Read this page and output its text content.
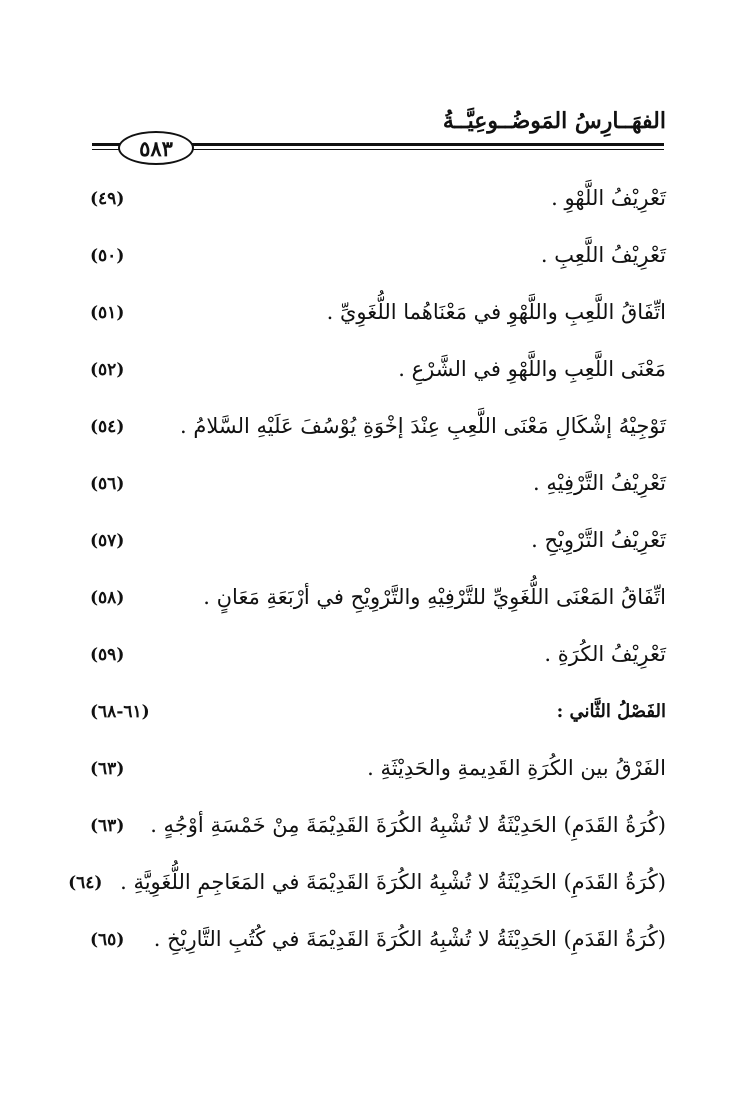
الفهَــارِسُ المَوضُــوعِيَّــةُ
٥٨٣
تَعْرِيْفُ اللَّهْوِ .
(٤٩)
تَعْرِيْفُ اللَّعِبِ .
(٥٠)
اتِّفَاقُ اللَّعِبِ واللَّهْوِ في مَعْنَاهُما اللُّغَوِيِّ .
(٥١)
مَعْنَى اللَّعِبِ واللَّهْوِ في الشَّرْعِ .
(٥٢)
تَوْجِيْهُ إشْكَالِ مَعْنَى اللَّعِبِ عِنْدَ إخْوَةِ يُوْسُفَ عَلَيْهِ السَّلامُ .
(٥٤)
تَعْرِيْفُ التَّرْفِيْهِ .
(٥٦)
تَعْرِيْفُ التَّرْوِيْحِ .
(٥٧)
اتِّفَاقُ المَعْنَى اللُّغَوِيِّ للتَّرْفِيْهِ والتَّرْوِيْحِ في أرْبَعَةِ مَعَانٍ .
(٥٨)
تَعْرِيْفُ الكُرَةِ .
(٥٩)
الفَصْلُ الثَّاني :
(٦١-٦٨)
الفَرْقُ بين الكُرَةِ القَدِيمةِ والحَدِيْثَةِ .
(٦٣)
(كُرَةُ القَدَمِ) الحَدِيْثَةُ لا تُشْبِهُ الكُرَةَ القَدِيْمَةَ مِنْ خَمْسَةِ أوْجُهٍ .
(٦٣)
(كُرَةُ القَدَمِ) الحَدِيْثَةُ لا تُشْبِهُ الكُرَةَ القَدِيْمَةَ في المَعَاجِمِ اللُّغَوِيَّةِ .
(٦٤)
(كُرَةُ القَدَمِ) الحَدِيْثَةُ لا تُشْبِهُ الكُرَةَ القَدِيْمَةَ في كُتُبِ التَّارِيْخِ .
(٦٥)
